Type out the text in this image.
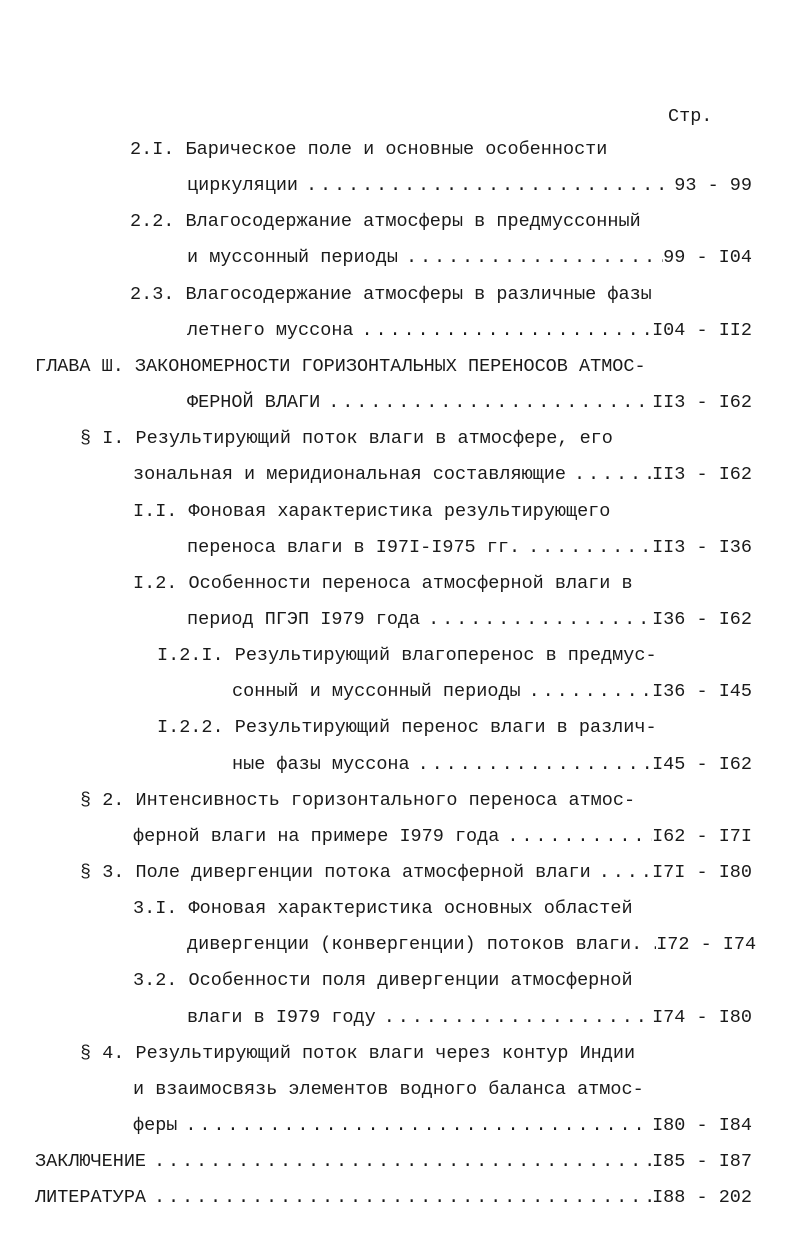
Стр.
2.I. Барическое поле и основные особенности
циркуляции .....	93 - 99
2.2. Влагосодержание атмосферы в предмуссонный
и муссонный периоды .....	99 - I04
2.3. Влагосодержание атмосферы в различные фазы
летнего муссона .....	I04 - II2
ГЛАВА Ш. ЗАКОНОМЕРНОСТИ ГОРИЗОНТАЛЬНЫХ ПЕРЕНОСОВ АТМОС-
ФЕРНОЙ ВЛАГИ .....	II3 - I62
§ I. Результирующий поток влаги в атмосфере, его
зональная и меридиональная составляющие .....	II3 - I62
I.I. Фоновая характеристика результирующего
переноса влаги в I97I-I975 гг. .....	II3 - I36
I.2. Особенности переноса атмосферной влаги в
период ПГЭП I979 года .....	I36 - I62
I.2.I. Результирующий влагоперенос в предмус-
сонный и муссонный периоды .....	I36 - I45
I.2.2. Результирующий перенос влаги в различ-
ные фазы муссона .....	I45 - I62
§ 2. Интенсивность горизонтального переноса атмос-
ферной влаги на примере I979 года .....	I62 - I7I
§ 3. Поле дивергенции потока атмосферной влаги .....	I7I - I80
3.I. Фоновая характеристика основных областей
дивергенции (конвергенции) потоков влаги. ..... I72 - I74
3.2. Особенности поля дивергенции атмосферной
влаги в I979 году .....	I74 - I80
§ 4. Результирующий поток влаги через контур Индии
и взаимосвязь элементов водного баланса атмос-
феры .....	I80 - I84
ЗАКЛЮЧЕНИЕ .....	I85 - I87
ЛИТЕРАТУРА .....	I88 - 202
